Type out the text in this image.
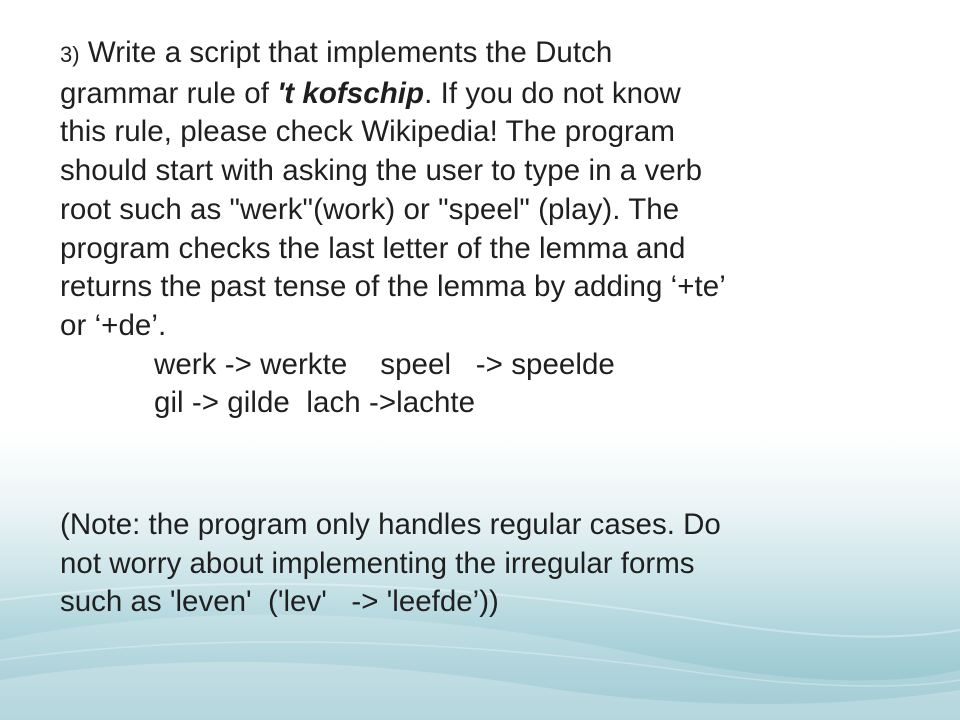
3) Write a script that implements the Dutch
grammar rule of 't kofschip. If you do not know
this rule, please check Wikipedia! The program
should start with asking the user to type in a verb
root such as "werk"(work) or "speel" (play). The
program checks the last letter of the lemma and
returns the past tense of the lemma by adding ‘+te’
or ‘+de’.
werk -> werkte    speel   -> speelde
gil -> gilde  lach ->lachte
(Note: the program only handles regular cases. Do
not worry about implementing the irregular forms
such as 'leven'  ('lev'   -> 'leefde’))
